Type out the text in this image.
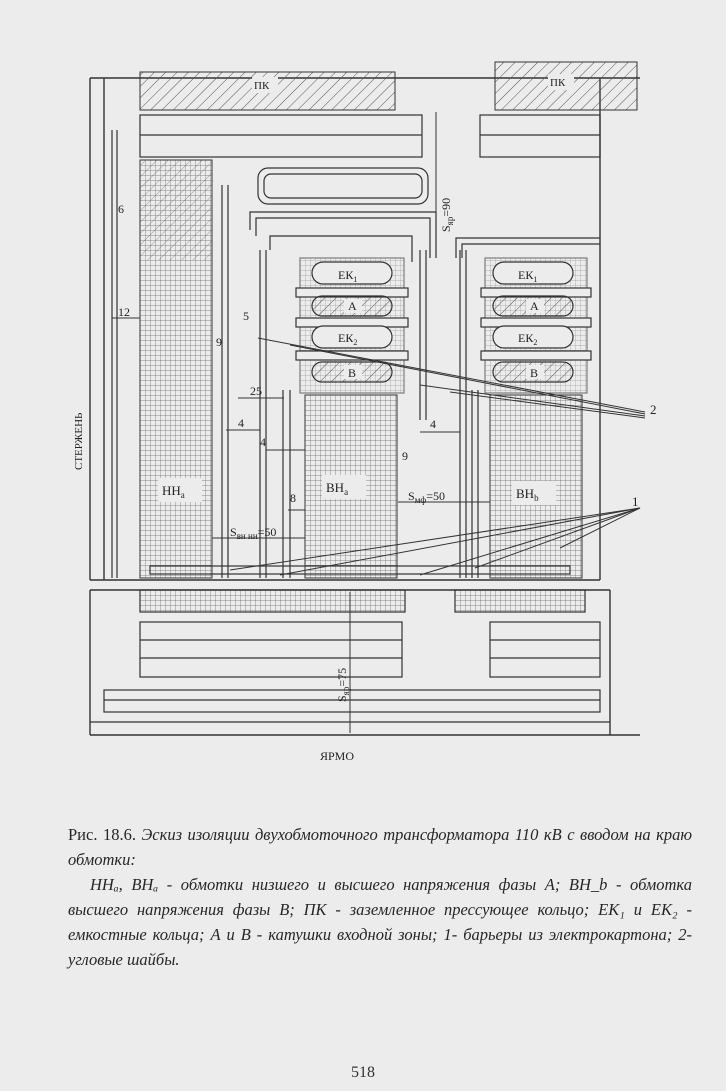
ПК	ПК
$НН_a$	$ВН_a$	$ВН_b$
$ЕК_1$
А
$ЕК_2$
В
$ЕК_1$
А
$ЕК_2$
В
СТЕРЖЕНЬ
ЯРМО
$S_{яр}=90$
$S_{яр}=75$
6
12
9
5
25
4
4
4
8
9
$S_{мф}=50$
$S_{вн нн}=50$
2
1

Рис. 18.6. Эскиз изоляции двухобмоточного трансформатора 110 кВ с вводом на краю обмотки:

ННₐ, ВНₐ - обмотки низшего и высшего напряжения фазы А; ВН_b - обмотка высшего напряжения фазы В; ПК - заземленное прессующее кольцо; ЕК₁ и ЕК₂ - емкостные кольца; А и В - катушки входной зоны; 1- барьеры из электрокартона; 2- угловые шайбы.

518
